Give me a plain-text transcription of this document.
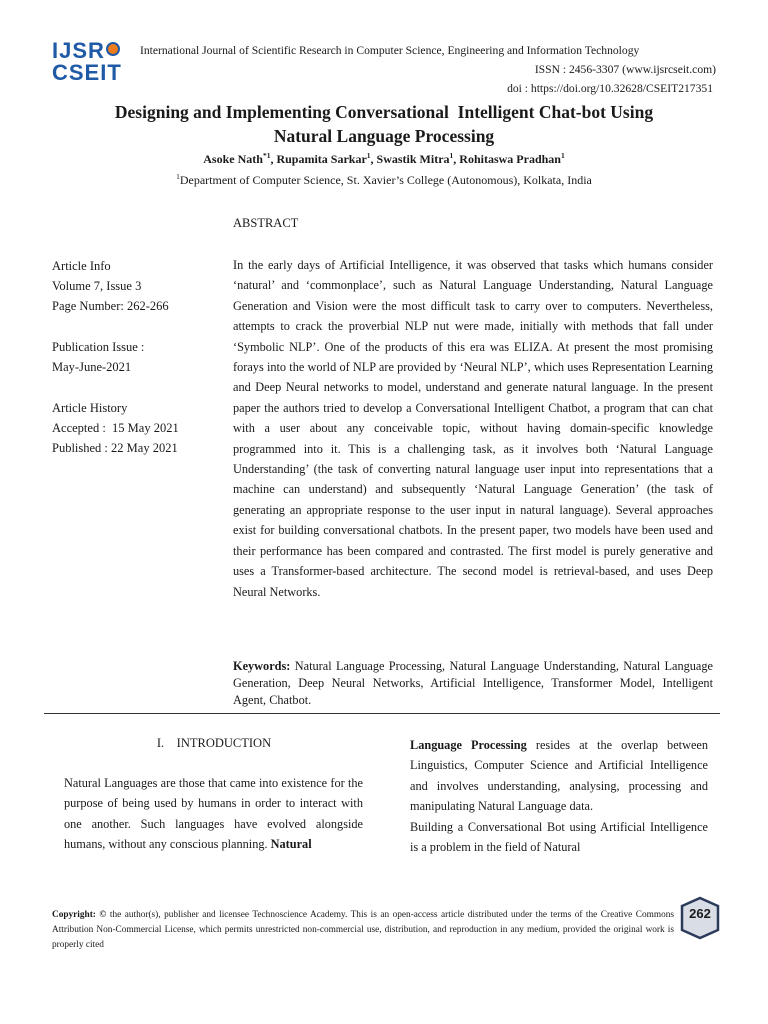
IJSR
CSEIT
International Journal of Scientific Research in Computer Science, Engineering and Information Technology
ISSN : 2456-3307 (www.ijsrcseit.com)
doi : https://doi.org/10.32628/CSEIT217351
Designing and Implementing Conversational  Intelligent Chat-bot Using
Natural Language Processing
Asoke Nath$^{*1}$, Rupamita Sarkar$^1$, Swastik Mitra$^1$, Rohitaswa Pradhan$^1$
$^1$Department of Computer Science, St. Xavier’s College (Autonomous), Kolkata, India
ABSTRACT
Article Info
Volume 7, Issue 3
Page Number: 262-266
Publication Issue :
May-June-2021
Article History
Accepted :  15 May 2021
Published : 22 May 2021
In the early days of Artificial Intelligence, it was observed that tasks which humans consider ‘natural’ and ‘commonplace’, such as Natural Language Understanding, Natural Language Generation and Vision were the most difficult task to carry over to computers. Nevertheless, attempts to crack the proverbial NLP nut were made, initially with methods that fall under ‘Symbolic NLP’. One of the products of this era was ELIZA. At present the most promising forays into the world of NLP are provided by ‘Neural NLP’, which uses Representation Learning and Deep Neural networks to model, understand and generate natural language. In the present paper the authors tried to develop a Conversational Intelligent Chatbot, a program that can chat with a user about any conceivable topic, without having domain-specific knowledge programmed into it. This is a challenging task, as it involves both ‘Natural Language Understanding’ (the task of converting natural language user input into representations that a machine can understand) and subsequently ‘Natural Language Generation’ (the task of generating an appropriate response to the user input in natural language). Several approaches exist for building conversational chatbots. In the present paper, two models have been used and their performance has been compared and contrasted. The first model is purely generative and uses a Transformer-based architecture. The second model is retrieval-based, and uses Deep Neural Networks.
Keywords: Natural Language Processing, Natural Language Understanding, Natural Language Generation, Deep Neural Networks, Artificial Intelligence, Transformer Model, Intelligent Agent, Chatbot.
I.    INTRODUCTION
Natural Languages are those that came into existence for the purpose of being used by humans in order to interact with one another. Such languages have evolved alongside humans, without any conscious planning. Natural
Language Processing resides at the overlap between Linguistics, Computer Science and Artificial Intelligence and involves understanding, analysing, processing and manipulating Natural Language data.
Building a Conversational Bot using Artificial Intelligence is a problem in the field of Natural
Copyright: © the author(s), publisher and licensee Technoscience Academy. This is an open-access article distributed under the terms of the Creative Commons Attribution Non-Commercial License, which permits unrestricted non-commercial use, distribution, and reproduction in any medium, provided the original work is properly cited
262
